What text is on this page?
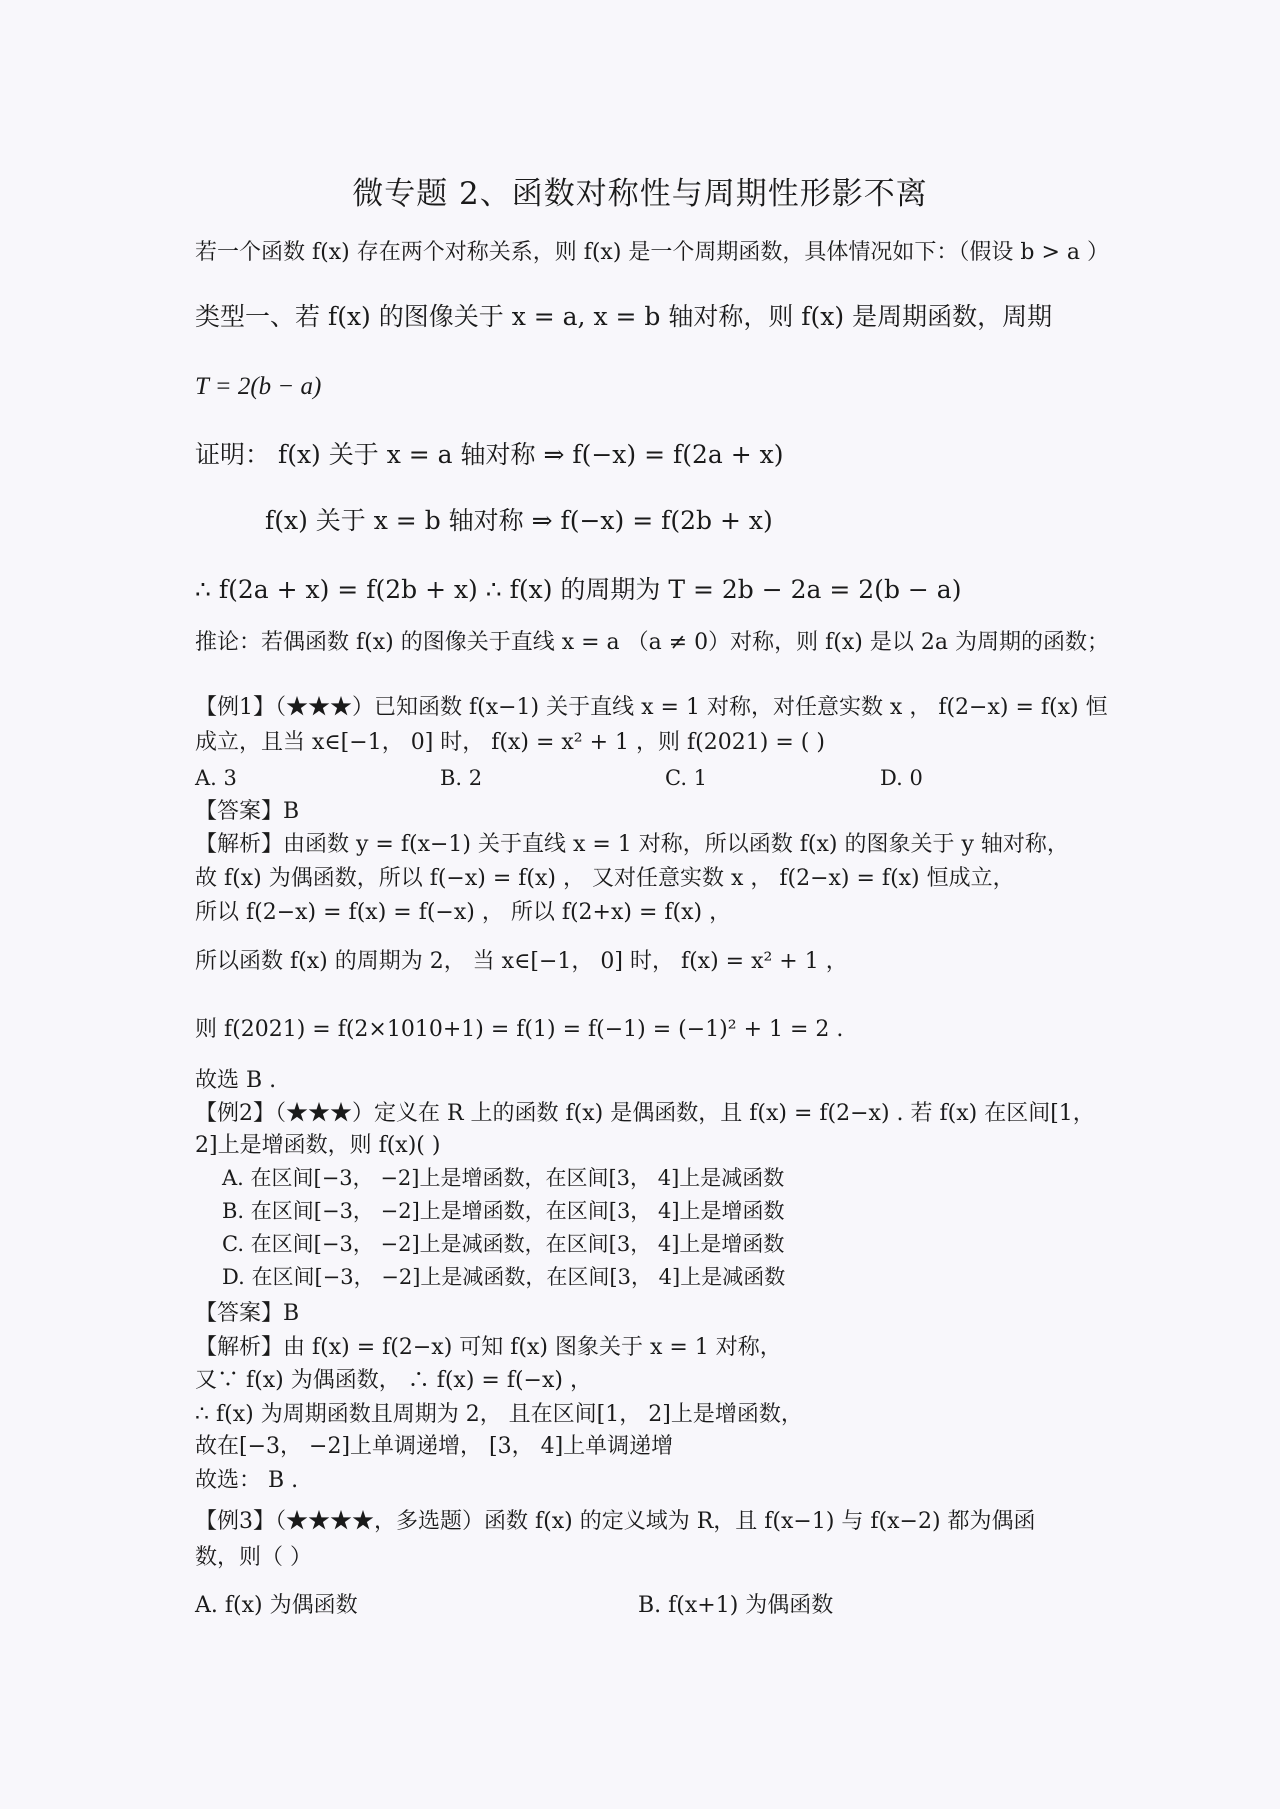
微专题 2、函数对称性与周期性形影不离
若一个函数 f(x) 存在两个对称关系，则 f(x) 是一个周期函数，具体情况如下：（假设 b > a ）
类型一、若 f(x) 的图像关于 x = a, x = b 轴对称，则 f(x) 是周期函数，周期
T = 2(b − a)
证明： f(x) 关于 x = a 轴对称 ⇒ f(−x) = f(2a + x)
f(x) 关于 x = b 轴对称 ⇒ f(−x) = f(2b + x)
∴ f(2a + x) = f(2b + x) ∴ f(x) 的周期为 T = 2b − 2a = 2(b − a)
推论：若偶函数 f(x) 的图像关于直线 x = a （a ≠ 0）对称，则 f(x) 是以 2a 为周期的函数；
【例1】（★★★）已知函数 f(x−1) 关于直线 x = 1 对称，对任意实数 x ， f(2−x) = f(x) 恒
成立，且当 x∈[−1， 0] 时， f(x) = x² + 1 ，则 f(2021) = ( )
A. 3	B. 2	C. 1	D. 0
【答案】B
【解析】由函数 y = f(x−1) 关于直线 x = 1 对称，所以函数 f(x) 的图象关于 y 轴对称，
故 f(x) 为偶函数，所以 f(−x) = f(x) ， 又对任意实数 x ， f(2−x) = f(x) 恒成立，
所以 f(2−x) = f(x) = f(−x) ， 所以 f(2+x) = f(x) ，
所以函数 f(x) 的周期为 2， 当 x∈[−1， 0] 时， f(x) = x² + 1 ，
则 f(2021) = f(2×1010+1) = f(1) = f(−1) = (−1)² + 1 = 2 .
故选 B .
【例2】（★★★）定义在 R 上的函数 f(x) 是偶函数，且 f(x) = f(2−x) . 若 f(x) 在区间[1，
2]上是增函数，则 f(x)( )
A. 在区间[−3， −2]上是增函数，在区间[3， 4]上是减函数
B. 在区间[−3， −2]上是增函数，在区间[3， 4]上是增函数
C. 在区间[−3， −2]上是减函数，在区间[3， 4]上是增函数
D. 在区间[−3， −2]上是减函数，在区间[3， 4]上是减函数
【答案】B
【解析】由 f(x) = f(2−x) 可知 f(x) 图象关于 x = 1 对称，
又∵ f(x) 为偶函数， ∴ f(x) = f(−x) ，
∴ f(x) 为周期函数且周期为 2， 且在区间[1， 2]上是增函数，
故在[−3， −2]上单调递增， [3， 4]上单调递增
故选： B .
【例3】（★★★★，多选题）函数 f(x) 的定义域为 R，且 f(x−1) 与 f(x−2) 都为偶函
数，则（ ）
A. f(x) 为偶函数	B. f(x+1) 为偶函数
